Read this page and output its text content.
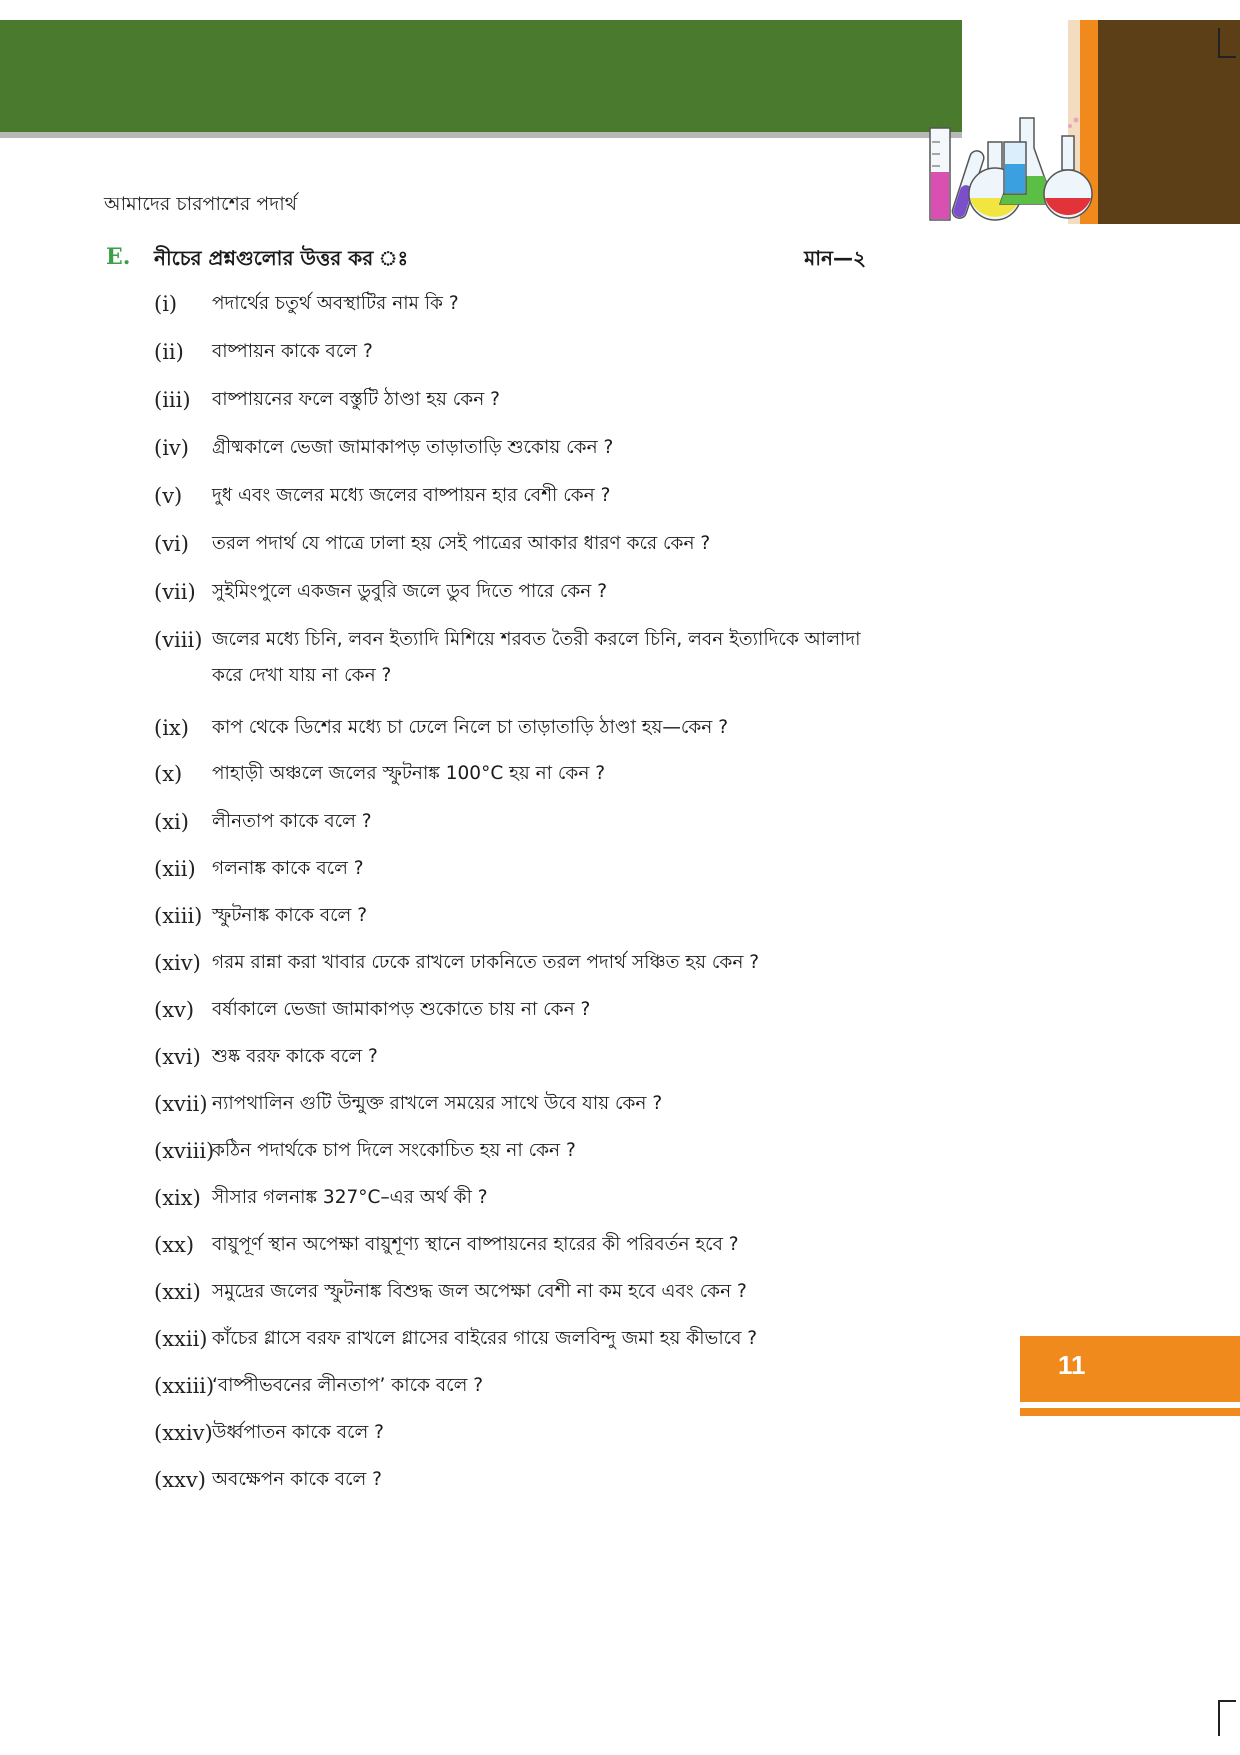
আমাদের চারপাশের পদার্থ
E. নীচের প্রশ্নগুলোর উত্তর কর ঃ	মান—২
(i) পদার্থের চতুর্থ অবস্থাটির নাম কি ?
(ii) বাষ্পায়ন কাকে বলে ?
(iii) বাষ্পায়নের ফলে বস্তুটি ঠাণ্ডা হয় কেন ?
(iv) গ্রীষ্মকালে ভেজা জামাকাপড় তাড়াতাড়ি শুকোয় কেন ?
(v) দুধ এবং জলের মধ্যে জলের বাষ্পায়ন হার বেশী কেন ?
(vi) তরল পদার্থ যে পাত্রে ঢালা হয় সেই পাত্রের আকার ধারণ করে কেন ?
(vii) সুইমিংপুলে একজন ডুবুরি জলে ডুব দিতে পারে কেন ?
(viii) জলের মধ্যে চিনি, লবন ইত্যাদি মিশিয়ে শরবত তৈরী করলে চিনি, লবন ইত্যাদিকে আলাদা
করে দেখা যায় না কেন ?
(ix) কাপ থেকে ডিশের মধ্যে চা ঢেলে নিলে চা তাড়াতাড়ি ঠাণ্ডা হয়—কেন ?
(x) পাহাড়ী অঞ্চলে জলের স্ফুটনাঙ্ক 100°C হয় না কেন ?
(xi) লীনতাপ কাকে বলে ?
(xii) গলনাঙ্ক কাকে বলে ?
(xiii) স্ফুটনাঙ্ক কাকে বলে ?
(xiv) গরম রান্না করা খাবার ঢেকে রাখলে ঢাকনিতে তরল পদার্থ সঞ্চিত হয় কেন ?
(xv) বর্ষাকালে ভেজা জামাকাপড় শুকোতে চায় না কেন ?
(xvi) শুষ্ক বরফ কাকে বলে ?
(xvii) ন্যাপথালিন গুটি উন্মুক্ত রাখলে সময়ের সাথে উবে যায় কেন ?
(xviii)
কঠিন পদার্থকে চাপ দিলে সংকোচিত হয় না কেন ?
(xix) সীসার গলনাঙ্ক 327°C–এর অর্থ কী ?
(xx) বায়ুপূর্ণ স্থান অপেক্ষা বায়ুশূণ্য স্থানে বাষ্পায়নের হারের কী পরিবর্তন হবে ?
(xxi) সমুদ্রের জলের স্ফুটনাঙ্ক বিশুদ্ধ জল অপেক্ষা বেশী না কম হবে এবং কেন ?
(xxii) কাঁচের গ্লাসে বরফ রাখলে গ্লাসের বাইরের গায়ে জলবিন্দু জমা হয় কীভাবে ?
(xxiii)
‘বাষ্পীভবনের লীনতাপ’ কাকে বলে ?
(xxiv) উর্ধ্বপাতন কাকে বলে ?
(xxv) অবক্ষেপন কাকে বলে ?
11
